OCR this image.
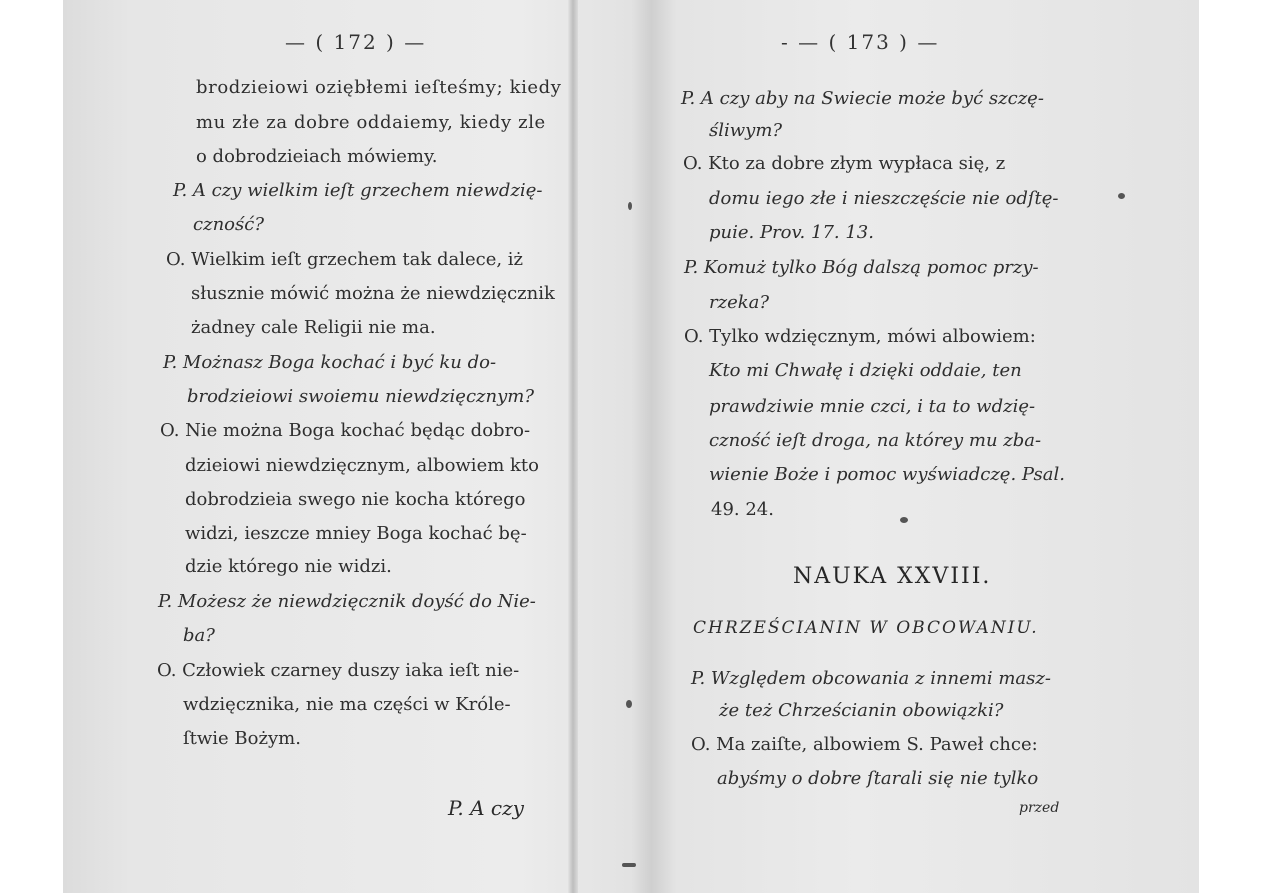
— ( 172 ) —
brodzieiowi oziębłemi ieſteśmy; kiedy
mu złe za dobre oddaiemy, kiedy zle
o dobrodzieiach mówiemy.
P. A czy wielkim ieſt grzechem niewdzię-
czność?
O. Wielkim ieſt grzechem tak dalece, iż
słusznie mówić można że niewdzięcznik
żadney cale Religii nie ma.
P. Możnasz Boga kochać i być ku do-
brodzieiowi swoiemu niewdzięcznym?
O. Nie można Boga kochać będąc dobro-
dzieiowi niewdzięcznym, albowiem kto
dobrodzieia swego nie kocha którego
widzi, ieszcze mniey Boga kochać bę-
dzie którego nie widzi.
P. Możesz że niewdzięcznik doyść do Nie-
ba?
O. Człowiek czarney duszy iaka ieſt nie-
wdzięcznika, nie ma części w Króle-
ſtwie Bożym.
P. A czy
- — ( 173 ) —
P. A czy aby na Swiecie może być szczę-
śliwym?
O. Kto za dobre złym wypłaca się, z
domu iego złe i nieszczęście nie odſtę-
puie. Prov. 17. 13.
P. Komuż tylko Bóg dalszą pomoc przy-
rzeka?
O. Tylko wdzięcznym, mówi albowiem:
Kto mi Chwałę i dzięki oddaie, ten
prawdziwie mnie czci, i ta to wdzię-
czność ieſt droga, na którey mu zba-
wienie Boże i pomoc wyświadczę. Psal.
49. 24.
NAUKA XXVIII.
CHRZEŚCIANIN W OBCOWANIU.
P. Względem obcowania z innemi masz-
że też Chrześcianin obowiązki?
O. Ma zaiſte, albowiem S. Paweł chce:
abyśmy o dobre ſtarali się nie tylko
przed
